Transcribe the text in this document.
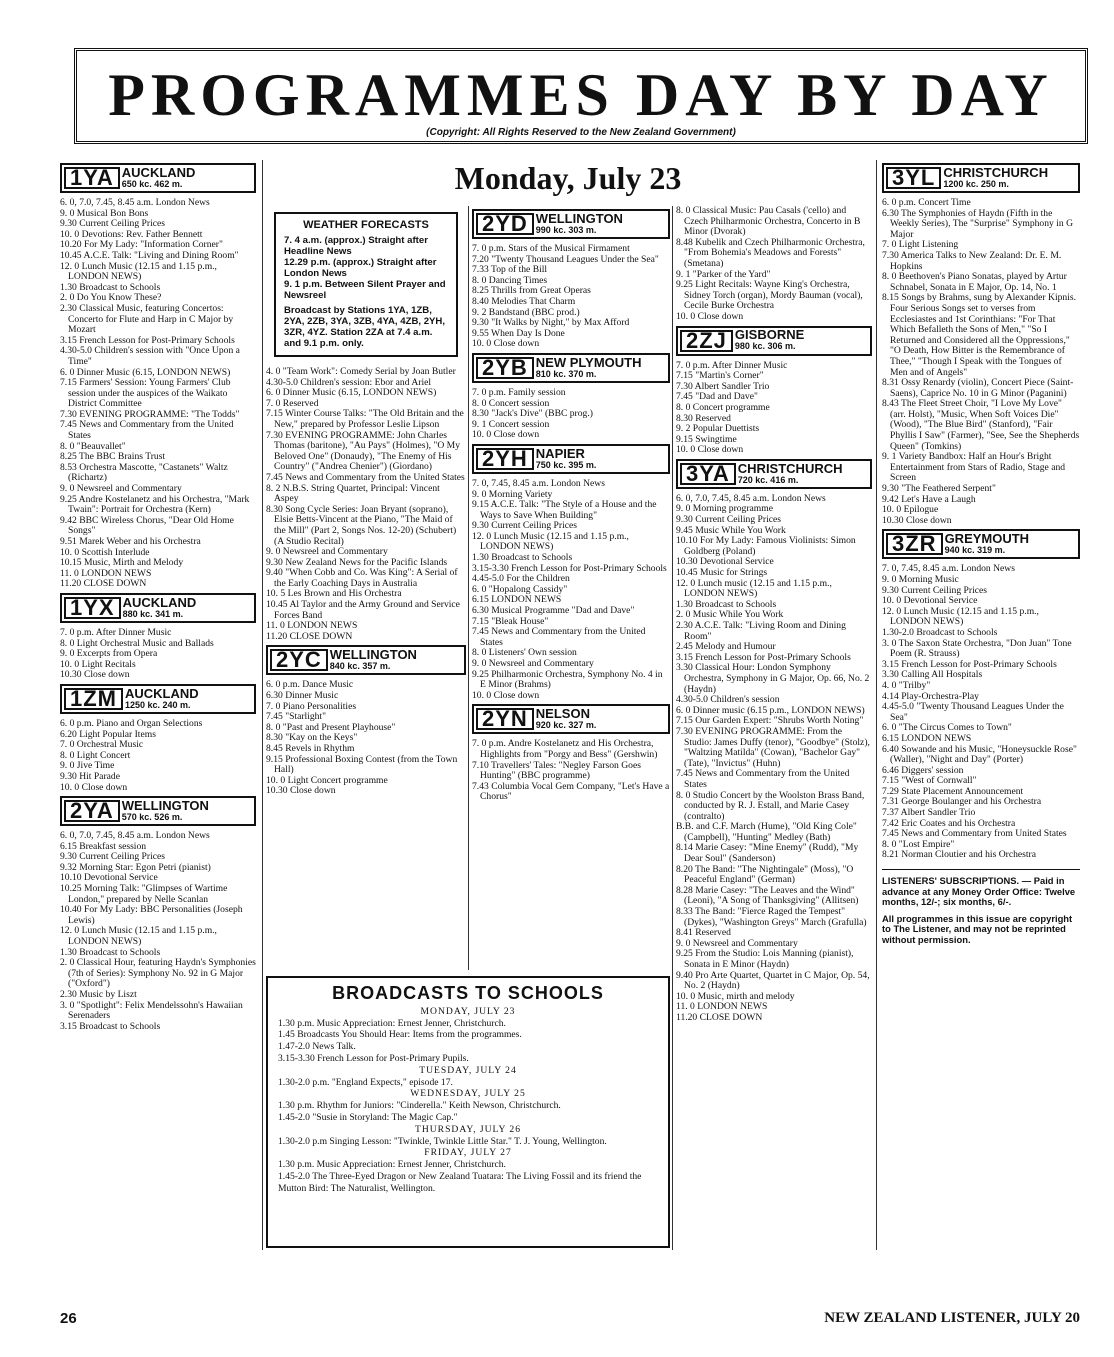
PROGRAMMES DAY BY DAY
(Copyright: All Rights Reserved to the New Zealand Government)
Monday, July 23
1YA AUCKLAND
650 kc. 462 m.

6. 0, 7.0, 7.45, 8.45 a.m. London News

9. 0 Musical Bon Bons

9.30 Current Ceiling Prices

10. 0 Devotions: Rev. Father Bennett

10.20 For My Lady: "Information Corner"

10.45 A.C.E. Talk: "Living and Dining Room"

12. 0 Lunch Music (12.15 and 1.15 p.m., LONDON NEWS)

1.30 Broadcast to Schools

2. 0 Do You Know These?

2.30 Classical Music, featuring Concertos: Concerto for Flute and Harp in C Major by Mozart

3.15 French Lesson for Post-Primary Schools

4.30-5.0 Children's session with "Once Upon a Time"

6. 0 Dinner Music (6.15, LONDON NEWS)

7.15 Farmers' Session: Young Farmers' Club session under the auspices of the Waikato District Committee

7.30 EVENING PROGRAMME: "The Todds"

7.45 News and Commentary from the United States

8. 0 "Beauvallet"

8.25 The BBC Brains Trust

8.53 Orchestra Mascotte, "Castanets" Waltz (Richartz)

9. 0 Newsreel and Commentary

9.25 Andre Kostelanetz and his Orchestra, "Mark Twain": Portrait for Orchestra (Kern)

9.42 BBC Wireless Chorus, "Dear Old Home Songs"

9.51 Marek Weber and his Orchestra

10. 0 Scottish Interlude

10.15 Music, Mirth and Melody

11. 0 LONDON NEWS

11.20 CLOSE DOWN

1YX AUCKLAND
880 kc. 341 m.

7. 0 p.m. After Dinner Music

8. 0 Light Orchestral Music and Ballads

9. 0 Excerpts from Opera

10. 0 Light Recitals

10.30 Close down

1ZM AUCKLAND
1250 kc. 240 m.

6. 0 p.m. Piano and Organ Selections

6.20 Light Popular Items

7. 0 Orchestral Music

8. 0 Light Concert

9. 0 Jive Time

9.30 Hit Parade

10. 0 Close down

2YA WELLINGTON
570 kc. 526 m.

6. 0, 7.0, 7.45, 8.45 a.m. London News

6.15 Breakfast session

9.30 Current Ceiling Prices

9.32 Morning Star: Egon Petri (pianist)

10.10 Devotional Service

10.25 Morning Talk: "Glimpses of Wartime London," prepared by Nelle Scanlan

10.40 For My Lady: BBC Personalities (Joseph Lewis)

12. 0 Lunch Music (12.15 and 1.15 p.m., LONDON NEWS)

1.30 Broadcast to Schools

2. 0 Classical Hour, featuring Haydn's Symphonies (7th of Series): Symphony No. 92 in G Major ("Oxford")

2.30 Music by Liszt

3. 0 "Spotlight": Felix Mendelssohn's Hawaiian Serenaders

3.15 Broadcast to Schools

WEATHER FORECASTS
7. 4 a.m. (approx.) Straight after Headline News
12.29 p.m. (approx.) Straight after London News
9. 1 p.m. Between Silent Prayer and Newsreel
Broadcast by Stations 1YA, 1ZB, 2YA, 2ZB, 3YA, 3ZB, 4YA, 4ZB, 2YH, 3ZR, 4YZ. Station 2ZA at 7.4 a.m. and 9.1 p.m. only.

4. 0 "Team Work": Comedy Serial by Joan Butler

4.30-5.0 Children's session: Ebor and Ariel

6. 0 Dinner Music (6.15, LONDON NEWS)

7. 0 Reserved

7.15 Winter Course Talks: "The Old Britain and the New," prepared by Professor Leslie Lipson

7.30 EVENING PROGRAMME: John Charles Thomas (baritone), "Au Pays" (Holmes), "O My Beloved One" (Donaudy), "The Enemy of His Country" ("Andrea Chenier") (Giordano)

7.45 News and Commentary from the United States

8. 2 N.B.S. String Quartet, Principal: Vincent Aspey

8.30 Song Cycle Series: Joan Bryant (soprano), Elsie Betts-Vincent at the Piano, "The Maid of the Mill" (Part 2, Songs Nos. 12-20) (Schubert) (A Studio Recital)

9. 0 Newsreel and Commentary

9.30 New Zealand News for the Pacific Islands

9.40 "When Cobb and Co. Was King": A Serial of the Early Coaching Days in Australia

10. 5 Les Brown and His Orchestra

10.45 Al Taylor and the Army Ground and Service Forces Band

11. 0 LONDON NEWS

11.20 CLOSE DOWN

2YC WELLINGTON
840 kc. 357 m.

6. 0 p.m. Dance Music

6.30 Dinner Music

7. 0 Piano Personalities

7.45 "Starlight"

8. 0 "Past and Present Playhouse"

8.30 "Kay on the Keys"

8.45 Revels in Rhythm

9.15 Professional Boxing Contest (from the Town Hall)

10. 0 Light Concert programme

10.30 Close down

2YD WELLINGTON
990 kc. 303 m.

7. 0 p.m. Stars of the Musical Firmament

7.20 "Twenty Thousand Leagues Under the Sea"

7.33 Top of the Bill

8. 0 Dancing Times

8.25 Thrills from Great Operas

8.40 Melodies That Charm

9. 2 Bandstand (BBC prod.)

9.30 "It Walks by Night," by Max Afford

9.55 When Day Is Done

10. 0 Close down

2YB NEW PLYMOUTH
810 kc. 370 m.

7. 0 p.m. Family session

8. 0 Concert session

8.30 "Jack's Dive" (BBC prog.)

9. 1 Concert session

10. 0 Close down

2YH NAPIER
750 kc. 395 m.

7. 0, 7.45, 8.45 a.m. London News

9. 0 Morning Variety

9.15 A.C.E. Talk: "The Style of a House and the Ways to Save When Building"

9.30 Current Ceiling Prices

12. 0 Lunch Music (12.15 and 1.15 p.m., LONDON NEWS)

1.30 Broadcast to Schools

3.15-3.30 French Lesson for Post-Primary Schools

4.45-5.0 For the Children

6. 0 "Hopalong Cassidy"

6.15 LONDON NEWS

6.30 Musical Programme "Dad and Dave"

7.15 "Bleak House"

7.45 News and Commentary from the United States

8. 0 Listeners' Own session

9. 0 Newsreel and Commentary

9.25 Philharmonic Orchestra, Symphony No. 4 in E Minor (Brahms)

10. 0 Close down

2YN NELSON
920 kc. 327 m.

7. 0 p.m. Andre Kostelanetz and His Orchestra, Highlights from "Porgy and Bess" (Gershwin)

7.10 Travellers' Tales: "Negley Farson Goes Hunting" (BBC programme)

7.43 Columbia Vocal Gem Company, "Let's Have a Chorus"

8. 0 Classical Music: Pau Casals ('cello) and Czech Philharmonic Orchestra, Concerto in B Minor (Dvorak)

8.48 Kubelik and Czech Philharmonic Orchestra, "From Bohemia's Meadows and Forests" (Smetana)

9. 1 "Parker of the Yard"

9.25 Light Recitals: Wayne King's Orchestra, Sidney Torch (organ), Mordy Bauman (vocal), Cecile Burke Orchestra

10. 0 Close down

2ZJ GISBORNE
980 kc. 306 m.

7. 0 p.m. After Dinner Music

7.15 "Martin's Corner"

7.30 Albert Sandler Trio

7.45 "Dad and Dave"

8. 0 Concert programme

8.30 Reserved

9. 2 Popular Duettists

9.15 Swingtime

10. 0 Close down

3YA CHRISTCHURCH
720 kc. 416 m.

6. 0, 7.0, 7.45, 8.45 a.m. London News

9. 0 Morning programme

9.30 Current Ceiling Prices

9.45 Music While You Work

10.10 For My Lady: Famous Violinists: Simon Goldberg (Poland)

10.30 Devotional Service

10.45 Music for Strings

12. 0 Lunch music (12.15 and 1.15 p.m., LONDON NEWS)

1.30 Broadcast to Schools

2. 0 Music While You Work

2.30 A.C.E. Talk: "Living Room and Dining Room"

2.45 Melody and Humour

3.15 French Lesson for Post-Primary Schools

3.30 Classical Hour: London Symphony Orchestra, Symphony in G Major, Op. 66, No. 2 (Haydn)

4.30-5.0 Children's session

6. 0 Dinner music (6.15 p.m., LONDON NEWS)

7.15 Our Garden Expert: "Shrubs Worth Noting"

7.30 EVENING PROGRAMME: From the Studio: James Duffy (tenor), "Goodbye" (Stolz), "Waltzing Matilda" (Cowan), "Bachelor Gay" (Tate), "Invictus" (Huhn)

7.45 News and Commentary from the United States

8. 0 Studio Concert by the Woolston Brass Band, conducted by R. J. Estall, and Marie Casey (contralto)

B.B. and C.F. March (Hume), "Old King Cole" (Campbell), "Hunting" Medley (Bath)

8.14 Marie Casey: "Mine Enemy" (Rudd), "My Dear Soul" (Sanderson)

8.20 The Band: "The Nightingale" (Moss), "O Peaceful England" (German)

8.28 Marie Casey: "The Leaves and the Wind" (Leoni), "A Song of Thanksgiving" (Allitsen)

8.33 The Band: "Fierce Raged the Tempest" (Dykes), "Washington Greys" March (Grafulla)

8.41 Reserved

9. 0 Newsreel and Commentary

9.25 From the Studio: Lois Manning (pianist), Sonata in E Minor (Haydn)

9.40 Pro Arte Quartet, Quartet in C Major, Op. 54, No. 2 (Haydn)

10. 0 Music, mirth and melody

11. 0 LONDON NEWS

11.20 CLOSE DOWN

3YL CHRISTCHURCH
1200 kc. 250 m.

6. 0 p.m. Concert Time

6.30 The Symphonies of Haydn (Fifth in the Weekly Series), The "Surprise" Symphony in G Major

7. 0 Light Listening

7.30 America Talks to New Zealand: Dr. E. M. Hopkins

8. 0 Beethoven's Piano Sonatas, played by Artur Schnabel, Sonata in E Major, Op. 14, No. 1

8.15 Songs by Brahms, sung by Alexander Kipnis. Four Serious Songs set to verses from Ecclesiastes and 1st Corinthians: "For That Which Befalleth the Sons of Men," "So I Returned and Considered all the Oppressions," "O Death, How Bitter is the Remembrance of Thee," "Though I Speak with the Tongues of Men and of Angels"

8.31 Ossy Renardy (violin), Concert Piece (Saint-Saens), Caprice No. 10 in G Minor (Paganini)

8.43 The Fleet Street Choir, "I Love My Love" (arr. Holst), "Music, When Soft Voices Die" (Wood), "The Blue Bird" (Stanford), "Fair Phyllis I Saw" (Farmer), "See, See the Shepherds Queen" (Tomkins)

9. 1 Variety Bandbox: Half an Hour's Bright Entertainment from Stars of Radio, Stage and Screen

9.30 "The Feathered Serpent"

9.42 Let's Have a Laugh

10. 0 Epilogue

10.30 Close down

3ZR GREYMOUTH
940 kc. 319 m.

7. 0, 7.45, 8.45 a.m. London News

9. 0 Morning Music

9.30 Current Ceiling Prices

10. 0 Devotional Service

12. 0 Lunch Music (12.15 and 1.15 p.m., LONDON NEWS)

1.30-2.0 Broadcast to Schools

3. 0 The Saxon State Orchestra, "Don Juan" Tone Poem (R. Strauss)

3.15 French Lesson for Post-Primary Schools

3.30 Calling All Hospitals

4. 0 "Trilby"

4.14 Play-Orchestra-Play

4.45-5.0 "Twenty Thousand Leagues Under the Sea"

6. 0 "The Circus Comes to Town"

6.15 LONDON NEWS

6.40 Sowande and his Music, "Honeysuckle Rose" (Waller), "Night and Day" (Porter)

6.46 Diggers' session

7.15 "West of Cornwall"

7.29 State Placement Announcement

7.31 George Boulanger and his Orchestra

7.37 Albert Sandler Trio

7.42 Eric Coates and his Orchestra

7.45 News and Commentary from United States

8. 0 "Lost Empire"

8.21 Norman Cloutier and his Orchestra

LISTENERS' SUBSCRIPTIONS. — Paid in advance at any Money Order Office: Twelve months, 12/-; six months, 6/-.

All programmes in this issue are copyright to The Listener, and may not be reprinted without permission.

BROADCASTS TO SCHOOLS
MONDAY, JULY 23
1.30 p.m. Music Appreciation: Ernest Jenner, Christchurch.
1.45 Broadcasts You Should Hear: Items from the programmes.
1.47-2.0 News Talk.
3.15-3.30 French Lesson for Post-Primary Pupils.
TUESDAY, JULY 24
1.30-2.0 p.m. "England Expects," episode 17.
WEDNESDAY, JULY 25
1.30 p.m. Rhythm for Juniors: "Cinderella." Keith Newson, Christchurch.
1.45-2.0 "Susie in Storyland: The Magic Cap."
THURSDAY, JULY 26
1.30-2.0 p.m Singing Lesson: "Twinkle, Twinkle Little Star." T. J. Young, Wellington.
FRIDAY, JULY 27
1.30 p.m. Music Appreciation: Ernest Jenner, Christchurch.
1.45-2.0 The Three-Eyed Dragon or New Zealand Tuatara: The Living Fossil and its friend the Mutton Bird: The Naturalist, Wellington.
26	NEW ZEALAND LISTENER, JULY 20
